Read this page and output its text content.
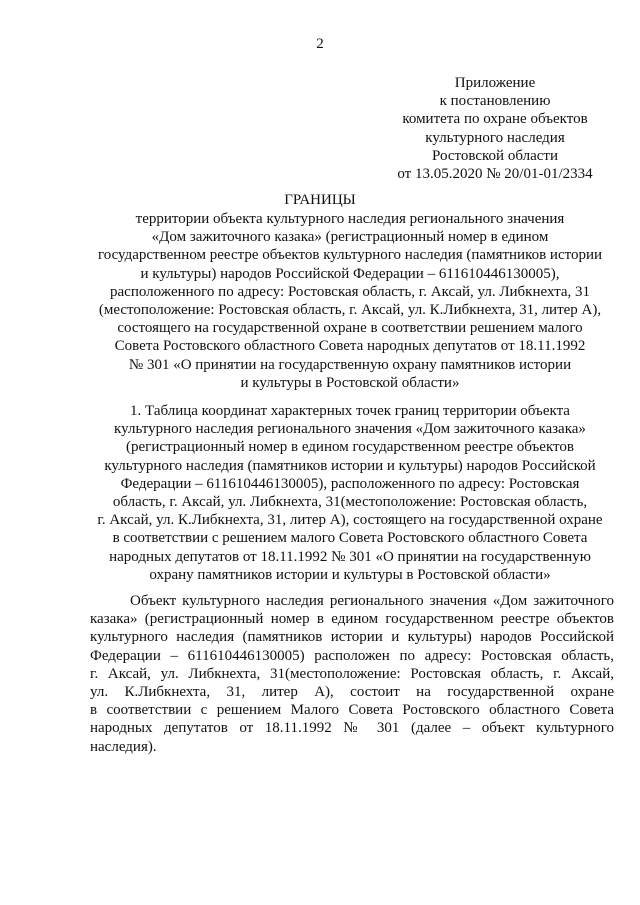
2
Приложение
к постановлению
комитета по охране объектов
культурного наследия
Ростовской области
от 13.05.2020 № 20/01-01/2334
ГРАНИЦЫ
территории объекта культурного наследия регионального значения
«Дом зажиточного казака» (регистрационный номер в едином
государственном реестре объектов культурного наследия (памятников истории
и культуры) народов Российской Федерации – 611610446130005),
расположенного по адресу: Ростовская область, г. Аксай, ул. Либкнехта, 31
(местоположение: Ростовская область, г. Аксай, ул. К.Либкнехта, 31, литер А),
состоящего на государственной охране в соответствии решением малого
Совета Ростовского областного Совета народных депутатов от 18.11.1992
№ 301 «О принятии на государственную охрану памятников истории
и культуры в Ростовской области»
1. Таблица координат характерных точек границ территории объекта
культурного наследия регионального значения «Дом зажиточного казака»
(регистрационный номер в едином государственном реестре объектов
культурного наследия (памятников истории и культуры) народов Российской
Федерации – 611610446130005), расположенного по адресу: Ростовская
область, г. Аксай, ул. Либкнехта, 31(местоположение: Ростовская область,
г. Аксай, ул. К.Либкнехта, 31, литер А), состоящего на государственной охране
в соответствии с решением малого Совета Ростовского областного Совета
народных депутатов от 18.11.1992 № 301 «О принятии на государственную
охрану памятников истории и культуры в Ростовской области»
Объект культурного наследия регионального значения «Дом зажиточного
казака» (регистрационный номер в едином государственном реестре объектов
культурного наследия (памятников истории и культуры) народов Российской
Федерации – 611610446130005) расположен по адресу: Ростовская область,
г. Аксай, ул. Либкнехта, 31(местоположение: Ростовская область, г. Аксай,
ул. К.Либкнехта, 31, литер А), состоит на государственной охране
в соответствии с решением Малого Совета Ростовского областного Совета
народных депутатов от 18.11.1992 № 301 (далее – объект культурного
наследия).
